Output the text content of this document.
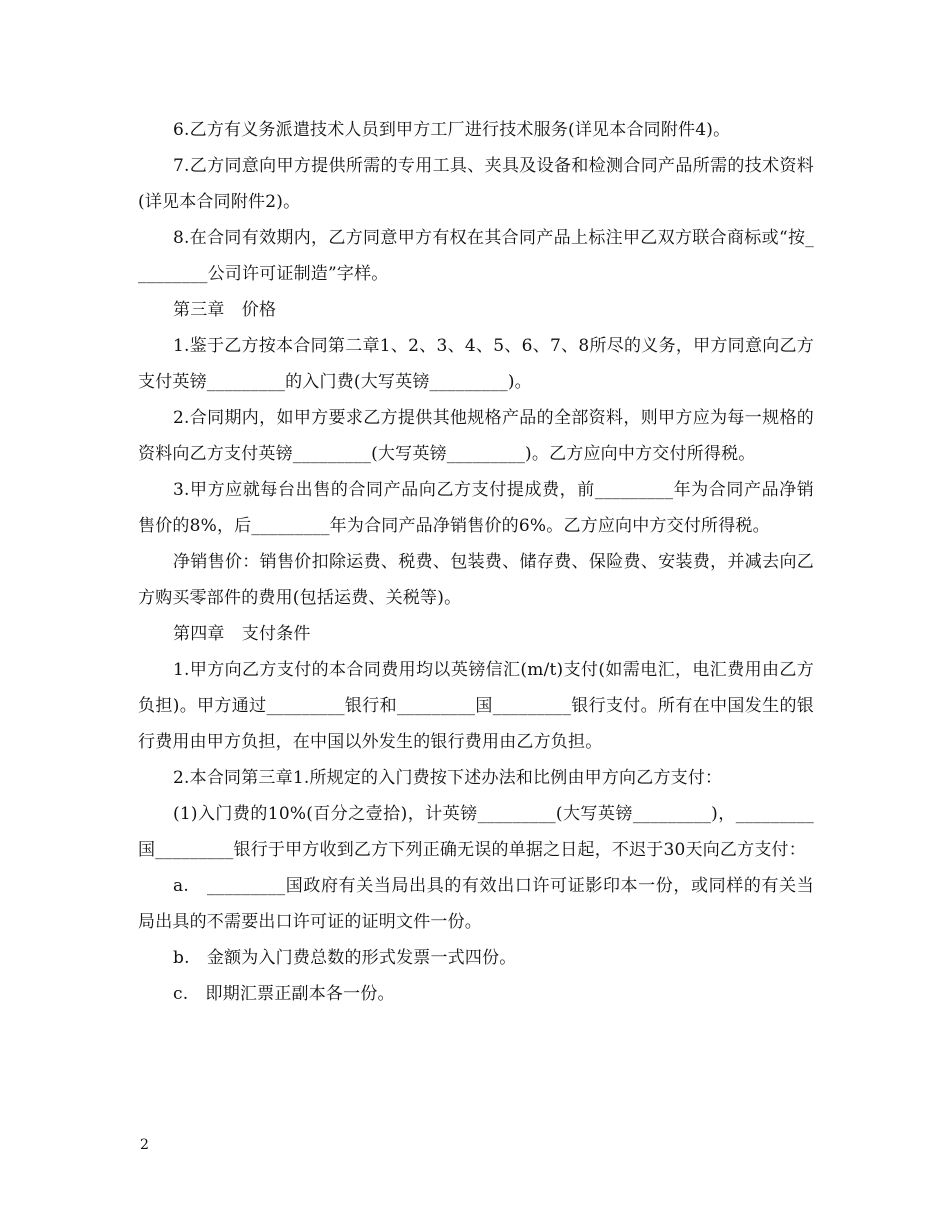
6.乙方有义务派遣技术人员到甲方工厂进行技术服务(详见本合同附件4)。

7.乙方同意向甲方提供所需的专用工具、夹具及设备和检测合同产品所需的技术资料(详见本合同附件2)。

8.在合同有效期内，乙方同意甲方有权在其合同产品上标注甲乙双方联合商标或“按_________公司许可证制造”字样。

第三章　价格

1.鉴于乙方按本合同第二章1、2、3、4、5、6、7、8所尽的义务，甲方同意向乙方支付英镑_________的入门费(大写英镑_________)。

2.合同期内，如甲方要求乙方提供其他规格产品的全部资料，则甲方应为每一规格的资料向乙方支付英镑_________(大写英镑_________)。乙方应向中方交付所得税。

3.甲方应就每台出售的合同产品向乙方支付提成费，前_________年为合同产品净销售价的8%，后_________年为合同产品净销售价的6%。乙方应向中方交付所得税。

净销售价：销售价扣除运费、税费、包装费、储存费、保险费、安装费，并减去向乙方购买零部件的费用(包括运费、关税等)。

第四章　支付条件

1.甲方向乙方支付的本合同费用均以英镑信汇(m/t)支付(如需电汇，电汇费用由乙方负担)。甲方通过_________银行和_________国_________银行支付。所有在中国发生的银行费用由甲方负担，在中国以外发生的银行费用由乙方负担。

2.本合同第三章1.所规定的入门费按下述办法和比例由甲方向乙方支付：

(1)入门费的10%(百分之壹拾)，计英镑_________(大写英镑_________)，_________国_________银行于甲方收到乙方下列正确无误的单据之日起，不迟于30天向乙方支付：

a.　_________国政府有关当局出具的有效出口许可证影印本一份，或同样的有关当局出具的不需要出口许可证的证明文件一份。

b.　金额为入门费总数的形式发票一式四份。

c.　即期汇票正副本各一份。

2
